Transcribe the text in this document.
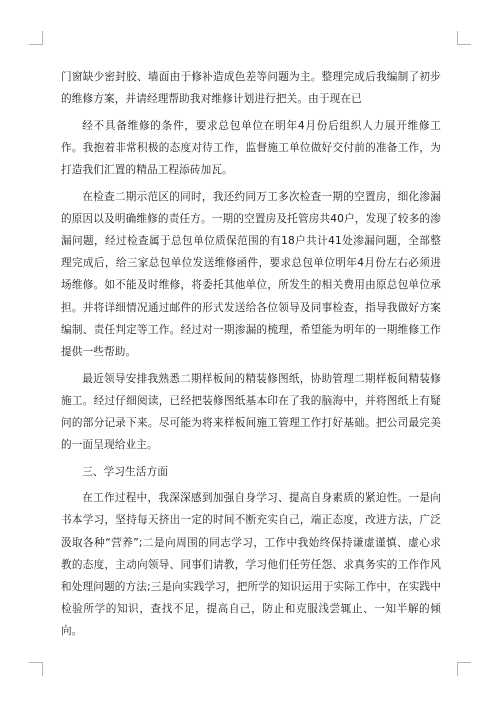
门窗缺少密封胶、墙面由于修补造成色差等问题为主。整理完成后我编制了初步的维修方案，并请经理帮助我对维修计划进行把关。由于现在已

经不具备维修的条件，要求总包单位在明年4月份后组织人力展开维修工作。我抱着非常积极的态度对待工作，监督施工单位做好交付前的准备工作，为打造我们汇置的精品工程添砖加瓦。

在检查二期示范区的同时，我还约同万工多次检查一期的空置房，细化渗漏的原因以及明确维修的责任方。一期的空置房及托管房共40户，发现了较多的渗漏问题，经过检查属于总包单位质保范围的有18户共计41处渗漏问题，全部整理完成后，给三家总包单位发送维修函件，要求总包单位明年4月份左右必须进场维修。如不能及时维修，将委托其他单位，所发生的相关费用由原总包单位承担。并将详细情况通过邮件的形式发送给各位领导及同事检查，指导我做好方案编制、责任判定等工作。经过对一期渗漏的梳理，希望能为明年的一期维修工作提供一些帮助。

最近领导安排我熟悉二期样板间的精装修图纸，协助管理二期样板间精装修施工。经过仔细阅读，已经把装修图纸基本印在了我的脑海中，并将图纸上有疑问的部分记录下来。尽可能为将来样板间施工管理工作打好基础。把公司最完美的一面呈现给业主。

三、学习生活方面

在工作过程中，我深深感到加强自身学习、提高自身素质的紧迫性。一是向书本学习，坚持每天挤出一定的时间不断充实自己，端正态度，改进方法，广泛汲取各种“营养”;二是向周围的同志学习，工作中我始终保持谦虚谨慎、虚心求教的态度，主动向领导、同事们请教，学习他们任劳任怨、求真务实的工作作风和处理问题的方法;三是向实践学习，把所学的知识运用于实际工作中，在实践中检验所学的知识，查找不足，提高自己，防止和克服浅尝辄止、一知半解的倾向。
